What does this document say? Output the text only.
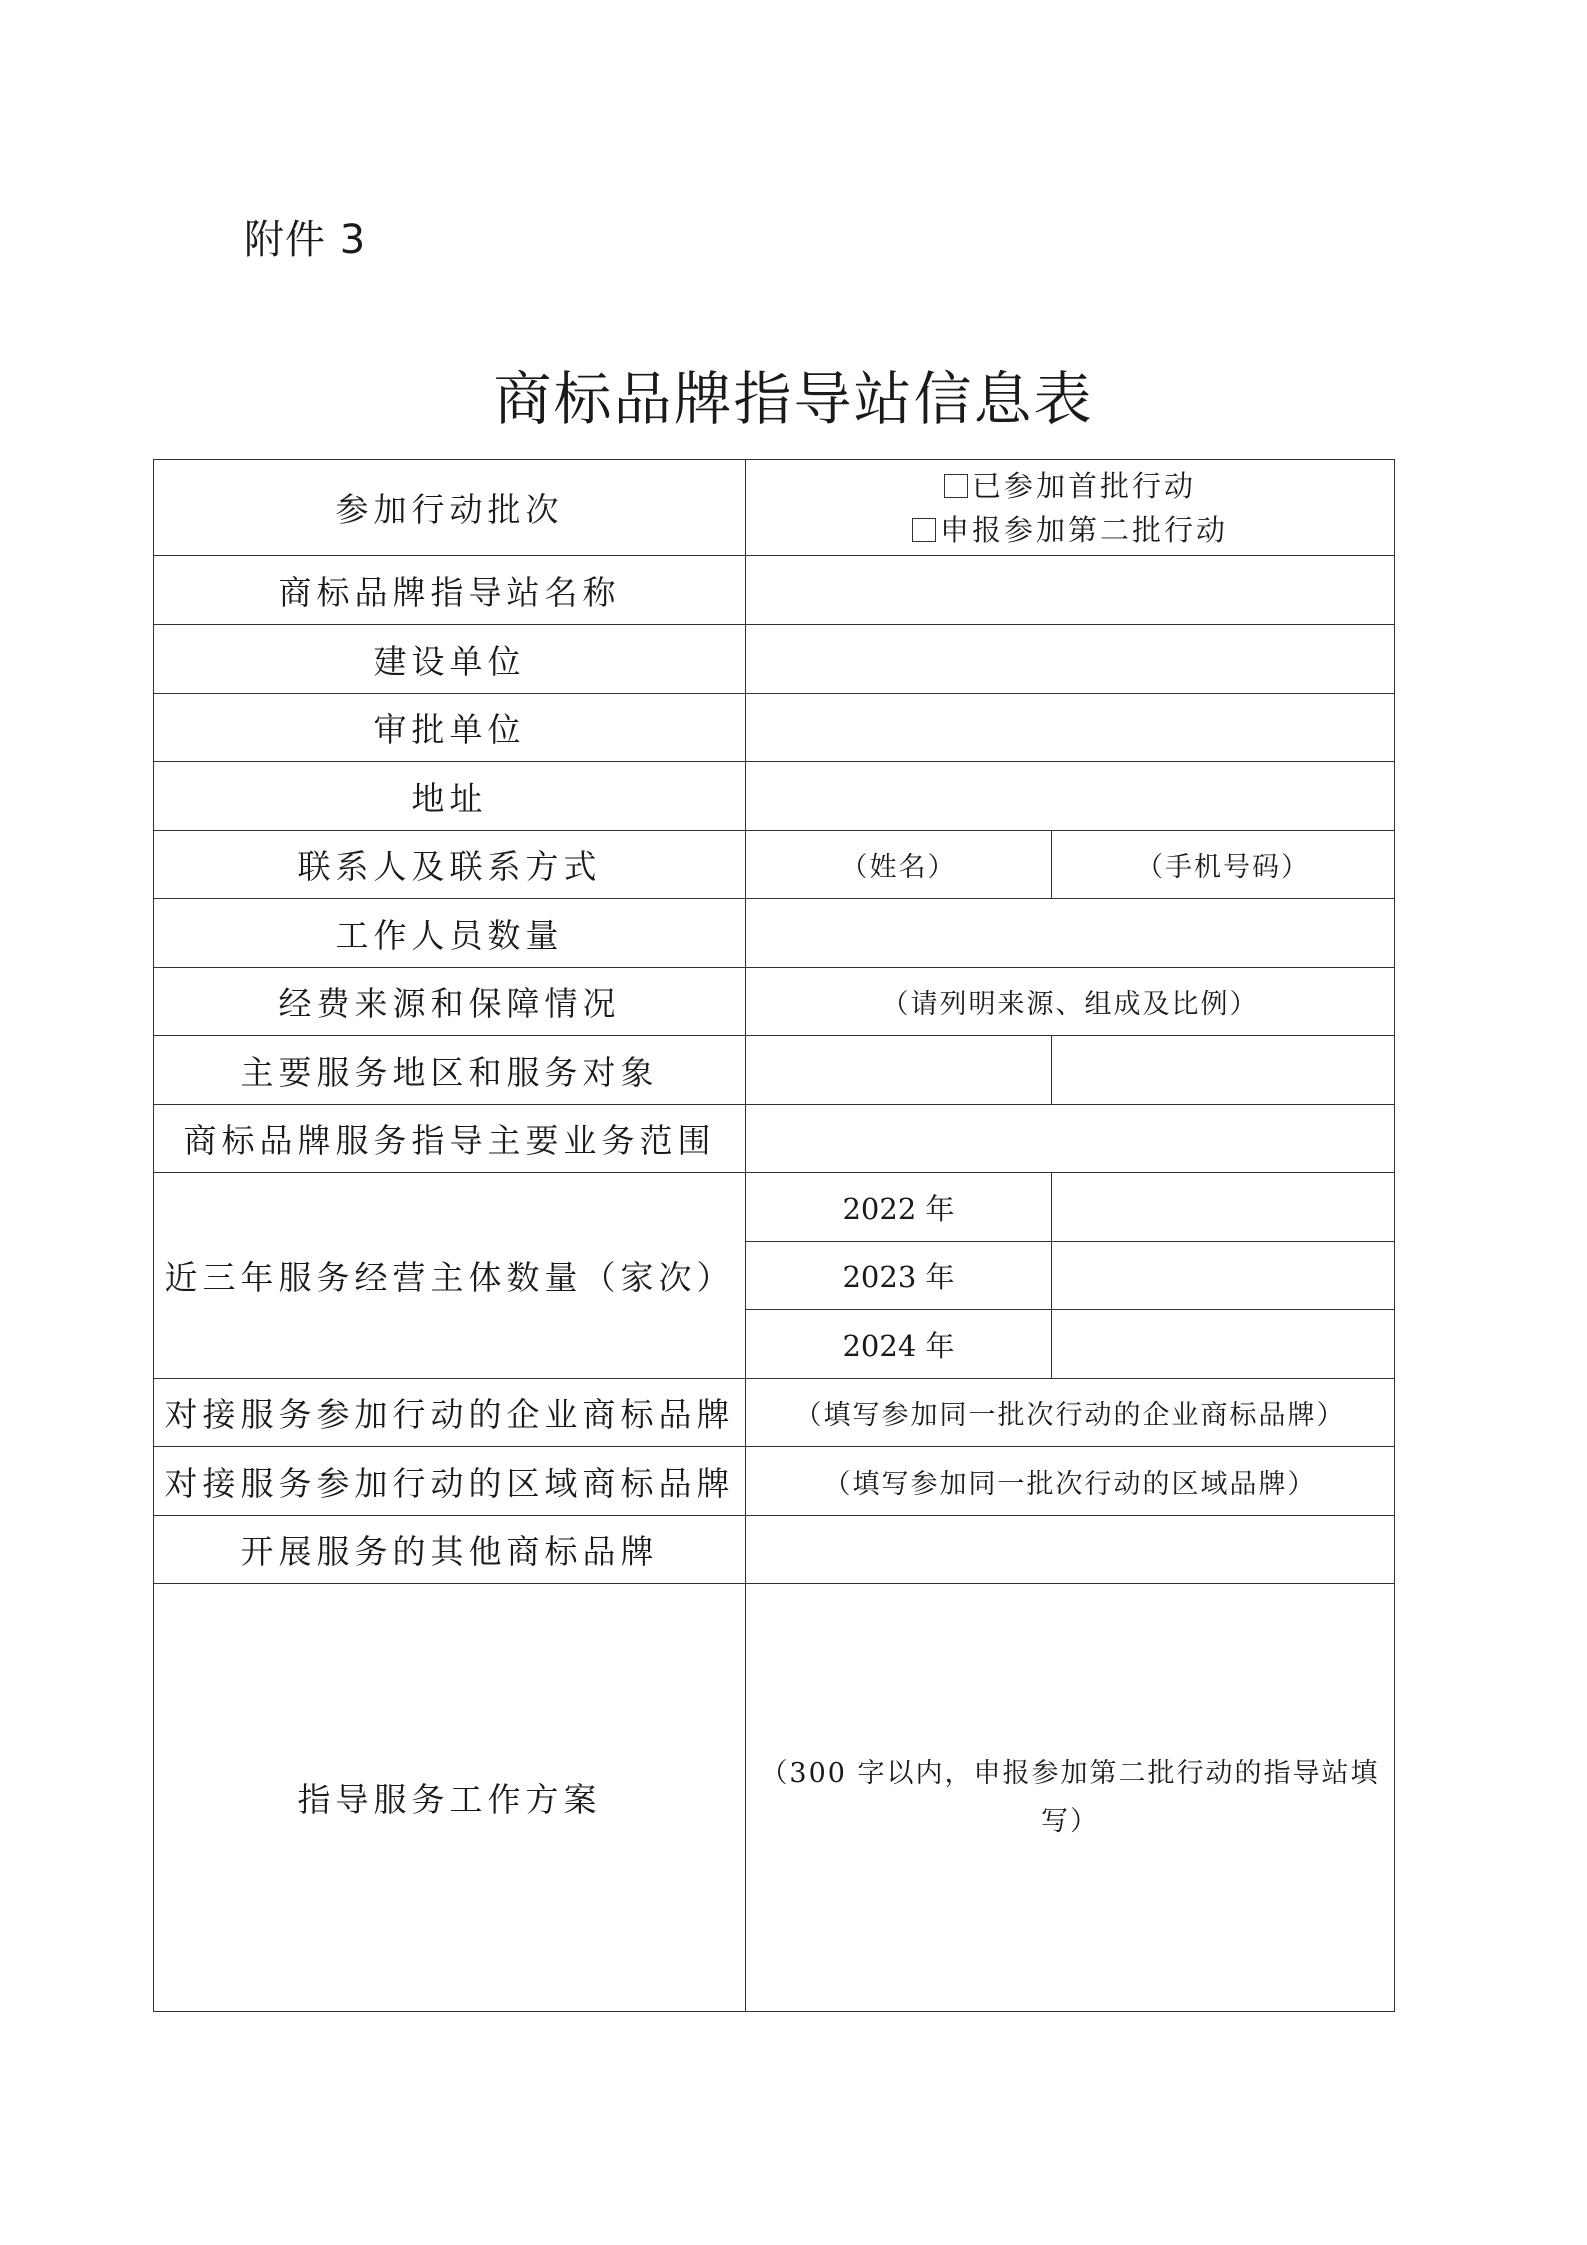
附件 3
商标品牌指导站信息表
参加行动批次	已参加首批行动
申报参加第二批行动	

商标品牌指导站名称		
建设单位		
审批单位		
地址		
联系人及联系方式	（姓名）	（手机号码）
工作人员数量		
经费来源和保障情况	（请列明来源、组成及比例）	
主要服务地区和服务对象		
商标品牌服务指导主要业务范围		
近三年服务经营主体数量（家次）	2022 年	
	2023 年	
	2024 年	
对接服务参加行动的企业商标品牌	（填写参加同一批次行动的企业商标品牌）	
对接服务参加行动的区域商标品牌	（填写参加同一批次行动的区域品牌）	
开展服务的其他商标品牌		
指导服务工作方案	（300 字以内，申报参加第二批行动的指导站填写）	
